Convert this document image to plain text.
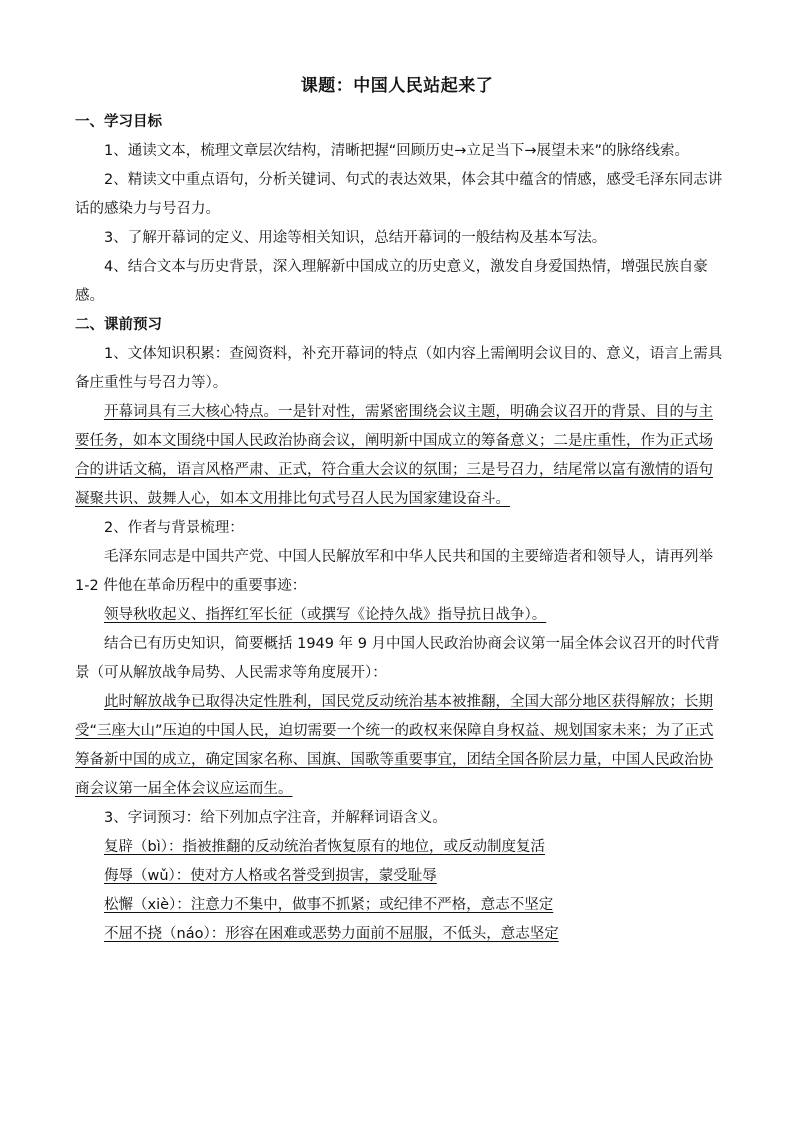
课题：中国人民站起来了

一、学习目标

1、通读文本，梳理文章层次结构，清晰把握“回顾历史→立足当下→展望未来”的脉络线索。

2、精读文中重点语句，分析关键词、句式的表达效果，体会其中蕴含的情感，感受毛泽东同志讲话的感染力与号召力。

3、了解开幕词的定义、用途等相关知识，总结开幕词的一般结构及基本写法。

4、结合文本与历史背景，深入理解新中国成立的历史意义，激发自身爱国热情，增强民族自豪感。

二、课前预习

1、文体知识积累：查阅资料，补充开幕词的特点（如内容上需阐明会议目的、意义，语言上需具备庄重性与号召力等）。

开幕词具有三大核心特点。一是针对性，需紧密围绕会议主题，明确会议召开的背景、目的与主要任务，如本文围绕中国人民政治协商会议，阐明新中国成立的筹备意义；二是庄重性，作为正式场合的讲话文稿，语言风格严肃、正式，符合重大会议的氛围；三是号召力，结尾常以富有激情的语句凝聚共识、鼓舞人心，如本文用排比句式号召人民为国家建设奋斗。

2、作者与背景梳理：

毛泽东同志是中国共产党、中国人民解放军和中华人民共和国的主要缔造者和领导人，请再列举 1-2 件他在革命历程中的重要事迹：

领导秋收起义、指挥红军长征（或撰写《论持久战》指导抗日战争）。

结合已有历史知识，简要概括 1949 年 9 月中国人民政治协商会议第一届全体会议召开的时代背景（可从解放战争局势、人民需求等角度展开）：

此时解放战争已取得决定性胜利，国民党反动统治基本被推翻，全国大部分地区获得解放；长期受“三座大山”压迫的中国人民，迫切需要一个统一的政权来保障自身权益、规划国家未来；为了正式筹备新中国的成立，确定国家名称、国旗、国歌等重要事宜，团结全国各阶层力量，中国人民政治协商会议第一届全体会议应运而生。

3、字词预习：给下列加点字注音，并解释词语含义。

复辟（bì）：指被推翻的反动统治者恢复原有的地位，或反动制度复活

侮辱（wǔ）：使对方人格或名誉受到损害，蒙受耻辱

松懈（xiè）：注意力不集中，做事不抓紧；或纪律不严格，意志不坚定

不屈不挠（náo）：形容在困难或恶势力面前不屈服，不低头，意志坚定
